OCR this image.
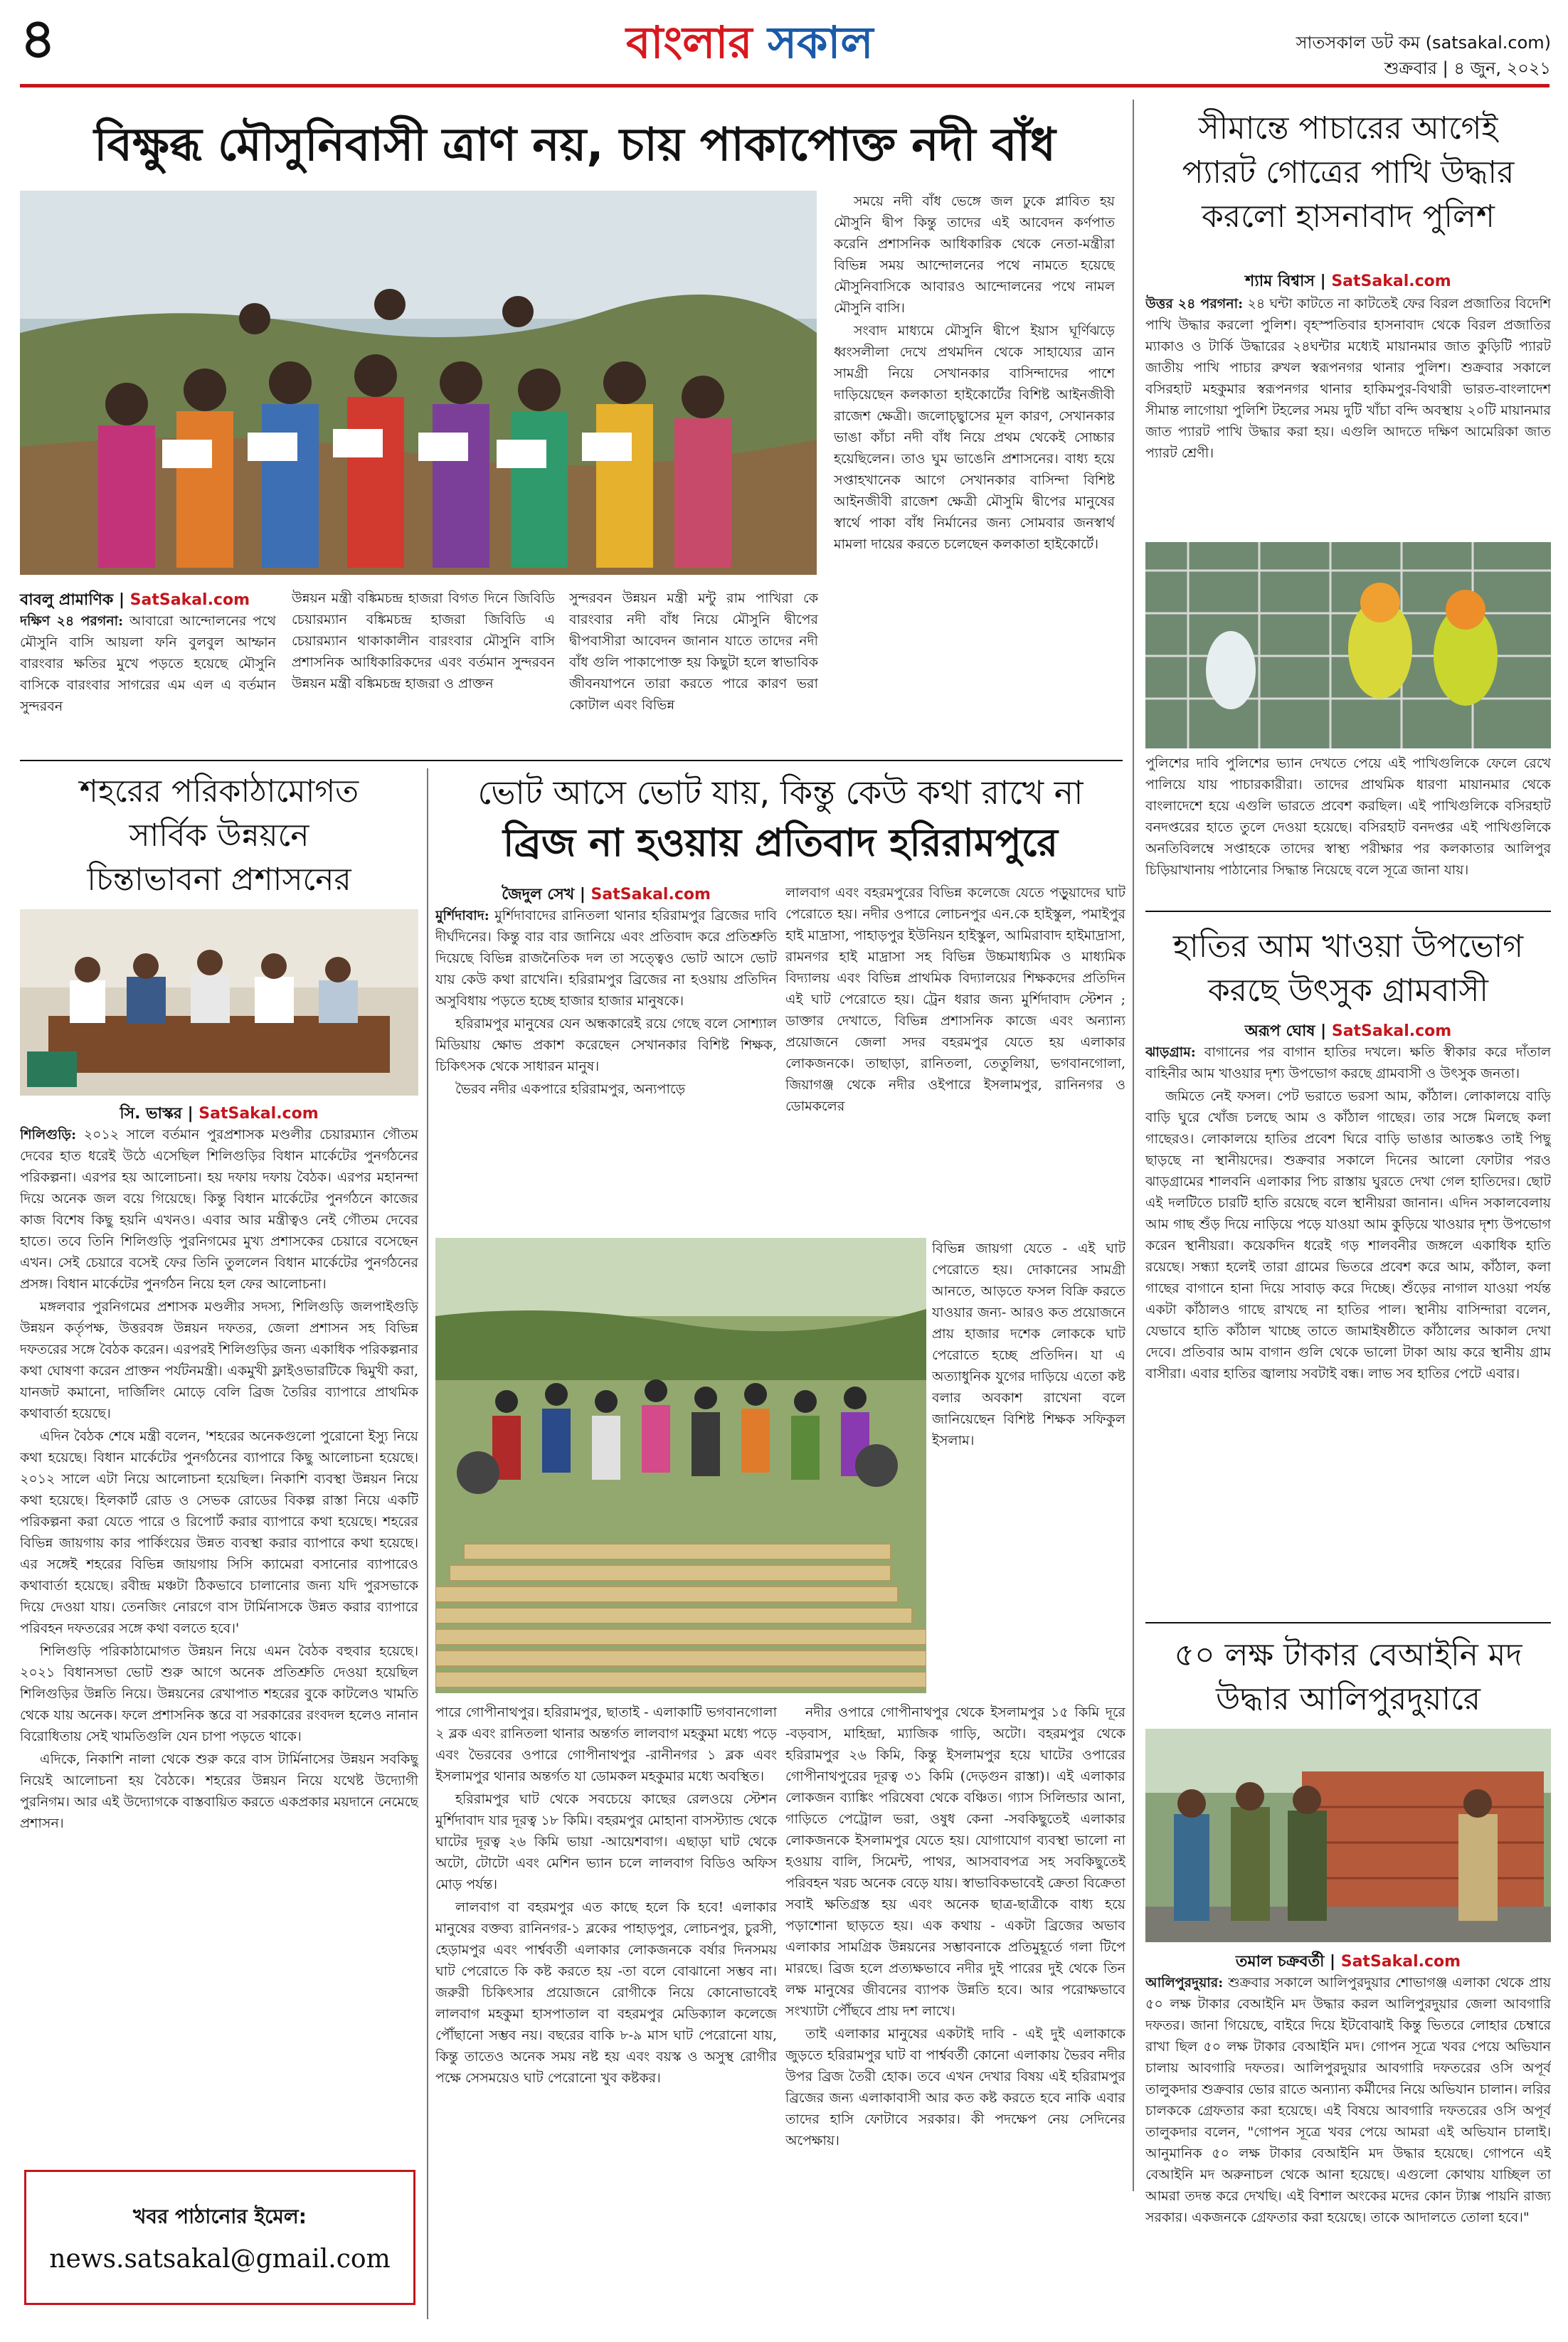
৪	বাংলার সকাল	সাতসকাল ডট কম (satsakal.com)
শুক্রবার | ৪ জুন, ২০২১
বিক্ষুব্ধ মৌসুনিবাসী ত্রাণ নয়, চায় পাকাপোক্ত নদী বাঁধ
বাবলু প্রামাণিক | SatSakal.com
দক্ষিণ ২৪ পরগনা: আবারো আন্দোলনের পথে মৌসুনি বাসি আয়লা ফনি বুলবুল আম্ফান বারংবার ক্ষতির মুখে পড়তে হয়েছে মৌসুনি বাসিকে বারংবার সাগরের এম এল এ বর্তমান সুন্দরবন
উন্নয়ন মন্ত্রী বঙ্কিমচন্দ্র হাজরা বিগত দিনে জিবিডি চেয়ারম্যান বঙ্কিমচন্দ্র হাজরা জিবিডি এ চেয়ারম্যান থাকাকালীন বারংবার মৌসুনি বাসি প্রশাসনিক আধিকারিকদের এবং বর্তমান সুন্দরবন উন্নয়ন মন্ত্রী বঙ্কিমচন্দ্র হাজরা ও প্রাক্তন
সুন্দরবন উন্নয়ন মন্ত্রী মন্টু রাম পাখিরা কে বারংবার নদী বাঁধ নিয়ে মৌসুনি দ্বীপের দ্বীপবাসীরা আবেদন জানান যাতে তাদের নদী বাঁধ গুলি পাকাপোক্ত হয় কিছুটা হলে স্বাভাবিক জীবনযাপনে তারা করতে পারে কারণ ভরা কোটাল এবং বিভিন্ন

সময়ে নদী বাঁধ ভেঙ্গে জল ঢুকে প্লাবিত হয় মৌসুনি দ্বীপ কিন্তু তাদের এই আবেদন কর্ণপাত করেনি প্রশাসনিক আধিকারিক থেকে নেতা-মন্ত্রীরা বিভিন্ন সময় আন্দোলনের পথে নামতে হয়েছে মৌসুনিবাসিকে আবারও আন্দোলনের পথে নামল মৌসুনি বাসি।

সংবাদ মাধ্যমে মৌসুনি দ্বীপে ইয়াস ঘূর্ণিঝড়ে ধ্বংসলীলা দেখে প্রথমদিন থেকে সাহায্যের ত্রান সামগ্রী নিয়ে সেখানকার বাসিন্দাদের পাশে দাড়িয়েছেন কলকাতা হাইকোর্টের বিশিষ্ট আইনজীবী রাজেশ ক্ষেত্রী। জলোচ্ছ্বাসের মূল কারণ, সেখানকার ভাঙা কাঁচা নদী বাঁধ নিয়ে প্রথম থেকেই সোচ্চার হয়েছিলেন। তাও ঘুম ভাঙেনি প্রশাসনের। বাধ্য হয়ে সপ্তাহখানেক আগে সেখানকার বাসিন্দা বিশিষ্ট আইনজীবী রাজেশ ক্ষেত্রী মৌসুমি দ্বীপের মানুষের স্বার্থে পাকা বাঁধ নির্মানের জন্য সোমবার জনস্বার্থ মামলা দায়ের করতে চলেছেন কলকাতা হাইকোর্টে।

সীমান্তে পাচারের আগেই
প্যারট গোত্রের পাখি উদ্ধার
করলো হাসনাবাদ পুলিশ
শ্যাম বিশ্বাস | SatSakal.com
উত্তর ২৪ পরগনা: ২৪ ঘন্টা কাটতে না কাটতেই ফের বিরল প্রজাতির বিদেশি পাখি উদ্ধার করলো পুলিশ। বৃহস্পতিবার হাসনাবাদ থেকে বিরল প্রজাতির ম্যাকাও ও টার্কি উদ্ধারের ২৪ঘন্টার মধ্যেই মায়ানমার জাত কুড়িটি প্যারট জাতীয় পাখি পাচার রুখল স্বরূপনগর থানার পুলিশ। শুক্রবার সকালে বসিরহাট মহকুমার স্বরূপনগর থানার হাকিমপুর-বিথারী ভারত-বাংলাদেশ সীমান্ত লাগোয়া পুলিশি টহলের সময় দুটি খাঁচা বন্দি অবস্থায় ২০টি মায়ানমার জাত প্যারট পাখি উদ্ধার করা হয়। এগুলি আদতে দক্ষিণ আমেরিকা জাত প্যারট শ্রেণী।
পুলিশের দাবি পুলিশের ভ্যান দেখতে পেয়ে এই পাখিগুলিকে ফেলে রেখে পালিয়ে যায় পাচারকারীরা। তাদের প্রাথমিক ধারণা মায়ানমার থেকে বাংলাদেশে হয়ে এগুলি ভারতে প্রবেশ করছিল। এই পাখিগুলিকে বসিরহাট বনদপ্তরের হাতে তুলে দেওয়া হয়েছে। বসিরহাট বনদপ্তর এই পাখিগুলিকে অনতিবিলম্বে সপ্তাহকে তাদের স্বাস্থ্য পরীক্ষার পর কলকাতার আলিপুর চিড়িয়াখানায় পাঠানোর সিদ্ধান্ত নিয়েছে বলে সূত্রে জানা যায়।
হাতির আম খাওয়া উপভোগ
করছে উৎসুক গ্রামবাসী
অরূপ ঘোষ | SatSakal.com

ঝাড়গ্রাম: বাগানের পর বাগান হাতির দখলে। ক্ষতি স্বীকার করে দাঁতাল বাহিনীর আম খাওয়ার দৃশ্য উপভোগ করছে গ্রামবাসী ও উৎসুক জনতা।

জমিতে নেই ফসল। পেট ভরাতে ভরসা আম, কাঁঠাল। লোকালয়ে বাড়ি বাড়ি ঘুরে খোঁজ চলছে আম ও কাঁঠাল গাছের। তার সঙ্গে মিলছে কলা গাছেরও। লোকালয়ে হাতির প্রবেশ ঘিরে বাড়ি ভাঙার আতঙ্কও তাই পিছু ছাড়ছে না স্থানীয়দের। শুক্রবার সকালে দিনের আলো ফোটার পরও ঝাড়গ্রামের শালবনি এলাকার পিচ রাস্তায় ঘুরতে দেখা গেল হাতিদের। ছোট এই দলটিতে চারটি হাতি রয়েছে বলে স্থানীয়রা জানান। এদিন সকালবেলায় আম গাছ শুঁড় দিয়ে নাড়িয়ে পড়ে যাওয়া আম কুড়িয়ে খাওয়ার দৃশ্য উপভোগ করেন স্থানীয়রা। কয়েকদিন ধরেই গড় শালবনীর জঙ্গলে একাধিক হাতি রয়েছে। সন্ধ্যা হলেই তারা গ্রামের ভিতরে প্রবেশ করে আম, কাঁঠাল, কলা গাছের বাগানে হানা দিয়ে সাবাড় করে দিচ্ছে। শুঁড়ের নাগাল যাওয়া পর্যন্ত একটা কাঁঠালও গাছে রাখছে না হাতির পাল। স্থানীয় বাসিন্দারা বলেন, যেভাবে হাতি কাঁঠাল খাচ্ছে তাতে জামাইষষ্ঠীতে কাঁঠালের আকাল দেখা দেবে। প্রতিবার আম বাগান গুলি থেকে ভালো টাকা আয় করে স্থানীয় গ্রাম বাসীরা। এবার হাতির জ্বালায় সবটাই বন্ধ। লাভ সব হাতির পেটে এবার।

৫০ লক্ষ টাকার বেআইনি মদ
উদ্ধার আলিপুরদুয়ারে
তমাল চক্রবর্তী | SatSakal.com
আলিপুরদুয়ার: শুক্রবার সকালে আলিপুরদুয়ার শোভাগঞ্জ এলাকা থেকে প্রায় ৫০ লক্ষ টাকার বেআইনি মদ উদ্ধার করল আলিপুরদুয়ার জেলা আবগারি দফতর। জানা গিয়েছে, বাইরে দিয়ে ইটবোঝাই কিন্তু ভিতরে লোহার চেম্বারে রাখা ছিল ৫০ লক্ষ টাকার বেআইনি মদ। গোপন সূত্রে খবর পেয়ে অভিযান চালায় আবগারি দফতর। আলিপুরদুয়ার আবগারি দফতরের ওসি অপূর্ব তালুকদার শুক্রবার ভোর রাতে অন্যান্য কর্মীদের নিয়ে অভিযান চালান। লরির চালককে গ্রেফতার করা হয়েছে। এই বিষয়ে আবগারি দফতরের ওসি অপূর্ব তালুকদার বলেন, "গোপন সূত্রে খবর পেয়ে আমরা এই অভিযান চালাই। আনুমানিক ৫০ লক্ষ টাকার বেআইনি মদ উদ্ধার হয়েছে। গোপনে এই বেআইনি মদ অরুনাচল থেকে আনা হয়েছে। এগুলো কোথায় যাচ্ছিল তা আমরা তদন্ত করে দেখছি। এই বিশাল অংকের মদের কোন ট্যাক্স পায়নি রাজ্য সরকার। একজনকে গ্রেফতার করা হয়েছে। তাকে আদালতে তোলা হবে।"
শহরের পরিকাঠামোগত
সার্বিক উন্নয়নে
চিন্তাভাবনা প্রশাসনের
সি. ভাস্কর | SatSakal.com

শিলিগুড়ি: ২০১২ সালে বর্তমান পুরপ্রশাসক মণ্ডলীর চেয়ারম্যান গৌতম দেবের হাত ধরেই উঠে এসেছিল শিলিগুড়ির বিধান মার্কেটের পুনর্গঠনের পরিকল্পনা। এরপর হয় আলোচনা। হয় দফায় দফায় বৈঠক। এরপর মহানন্দা দিয়ে অনেক জল বয়ে গিয়েছে। কিন্তু বিধান মার্কেটের পুনর্গঠনে কাজের কাজ বিশেষ কিছু হয়নি এখনও। এবার আর মন্ত্রীত্বও নেই গৌতম দেবের হাতে। তবে তিনি শিলিগুড়ি পুরনিগমের মুখ্য প্রশাসকের চেয়ারে বসেছেন এখন। সেই চেয়ারে বসেই ফের তিনি তুললেন বিধান মার্কেটের পুনর্গঠনের প্রসঙ্গ। বিধান মার্কেটের পুনর্গঠন নিয়ে হল ফের আলোচনা।

মঙ্গলবার পুরনিগমের প্রশাসক মণ্ডলীর সদস্য, শিলিগুড়ি জলপাইগুড়ি উন্নয়ন কর্তৃপক্ষ, উত্তরবঙ্গ উন্নয়ন দফতর, জেলা প্রশাসন সহ বিভিন্ন দফতরের সঙ্গে বৈঠক করেন। এরপরই শিলিগুড়ির জন্য একাধিক পরিকল্পনার কথা ঘোষণা করেন প্রাক্তন পর্যটনমন্ত্রী। একমুখী ফ্লাইওভারটিকে দ্বিমুখী করা, যানজট কমানো, দার্জিলিং মোড়ে বেলি ব্রিজ তৈরির ব্যাপারে প্রাথমিক কথাবার্তা হয়েছে।

এদিন বৈঠক শেষে মন্ত্রী বলেন, 'শহরের অনেকগুলো পুরোনো ইস্যু নিয়ে কথা হয়েছে। বিধান মার্কেটের পুনর্গঠনের ব্যাপারে কিছু আলোচনা হয়েছে। ২০১২ সালে এটা নিয়ে আলোচনা হয়েছিল। নিকাশি ব্যবস্থা উন্নয়ন নিয়ে কথা হয়েছে। হিলকার্ট রোড ও সেভক রোডের বিকল্প রাস্তা নিয়ে একটি পরিকল্পনা করা যেতে পারে ও রিপোর্ট করার ব্যাপারে কথা হয়েছে। শহরের বিভিন্ন জায়গায় কার পার্কিংয়ের উন্নত ব্যবস্থা করার ব্যাপারে কথা হয়েছে। এর সঙ্গেই শহরের বিভিন্ন জায়গায় সিসি ক্যামেরা বসানোর ব্যাপারেও কথাবার্তা হয়েছে। রবীন্দ্র মঞ্চটা ঠিকভাবে চালানোর জন্য যদি পুরসভাকে দিয়ে দেওয়া যায়। তেনজিং নোরগে বাস টার্মিনাসকে উন্নত করার ব্যাপারে পরিবহন দফতরের সঙ্গে কথা বলতে হবে।'

শিলিগুড়ি পরিকাঠামোগত উন্নয়ন নিয়ে এমন বৈঠক বহুবার হয়েছে। ২০২১ বিধানসভা ভোট শুরু আগে অনেক প্রতিশ্রুতি দেওয়া হয়েছিল শিলিগুড়ির উন্নতি নিয়ে। উন্নয়নের রেখাপাত শহরের বুকে কাটলেও খামতি থেকে যায় অনেক। ফলে প্রশাসনিক স্তরে বা সরকারের রংবদল হলেও নানান বিরোধিতায় সেই খামতিগুলি যেন চাপা পড়তে থাকে।

এদিকে, নিকাশি নালা থেকে শুরু করে বাস টার্মিনাসের উন্নয়ন সবকিছু নিয়েই আলোচনা হয় বৈঠকে। শহরের উন্নয়ন নিয়ে যথেষ্ট উদ্যোগী পুরনিগম। আর এই উদ্যোগকে বাস্তবায়িত করতে একপ্রকার ময়দানে নেমেছে প্রশাসন।

খবর পাঠানোর ইমেল:
news.satsakal@gmail.com
ভোট আসে ভোট যায়, কিন্তু কেউ কথা রাখে না
ব্রিজ না হওয়ায় প্রতিবাদ হরিরামপুরে
জৈদুল সেখ | SatSakal.com

মুর্শিদাবাদ: মুর্শিদাবাদের রানিতলা থানার হরিরামপুর ব্রিজের দাবি দীর্ঘদিনের। কিন্তু বার বার জানিয়ে এবং প্রতিবাদ করে প্রতিশ্রুতি দিয়েছে বিভিন্ন রাজনৈতিক দল তা সত্ত্বেও ভোট আসে ভোট যায় কেউ কথা রাখেনি। হরিরামপুর ব্রিজের না হওয়ায় প্রতিদিন অসুবিধায় পড়তে হচ্ছে হাজার হাজার মানুষকে।

হরিরামপুর মানুষের যেন অন্ধকারেই রয়ে গেছে বলে সোশ্যাল মিডিয়ায় ক্ষোভ প্রকাশ করেছেন সেখানকার বিশিষ্ট শিক্ষক, চিকিৎসক থেকে সাধারন মানুষ।

ভৈরব নদীর একপারে হরিরামপুর, অন্যপাড়ে

পারে গোপীনাথপুর। হরিরামপুর, ছাতাই - এলাকাটি ভগবানগোলা ২ ব্লক এবং রানিতলা থানার অন্তর্গত লালবাগ মহকুমা মধ্যে পড়ে এবং ভৈরবের ওপারে গোপীনাথপুর -রানীনগর ১ ব্লক এবং ইসলামপুর থানার অন্তর্গত যা ডোমকল মহকুমার মধ্যে অবস্থিত।

হরিরামপুর ঘাট থেকে সবচেয়ে কাছের রেলওয়ে স্টেশন মুর্শিদাবাদ যার দূরত্ব ১৮ কিমি। বহরমপুর মোহানা বাসস্ট্যান্ড থেকে ঘাটের দূরত্ব ২৬ কিমি ভায়া -আয়েশবাগ। এছাড়া ঘাট থেকে অটো, টোটো এবং মেশিন ভ্যান চলে লালবাগ বিডিও অফিস মোড় পর্যন্ত।

লালবাগ বা বহরমপুর এত কাছে হলে কি হবে! এলাকার মানুষের বক্তব্য রানিনগর-১ ব্লকের পাহাড়পুর, লোচনপুর, চুরসী, হেড়ামপুর এবং পার্শ্ববর্তী এলাকার লোকজনকে বর্ষার দিনসময় ঘাট পেরোতে কি কষ্ট করতে হয় -তা বলে বোঝানো সম্ভব না। জরুরী চিকিৎসার প্রয়োজনে রোগীকে নিয়ে কোনোভাবেই লালবাগ মহকুমা হাসপাতাল বা বহরমপুর মেডিক্যাল কলেজে পৌঁছানো সম্ভব নয়। বছরের বাকি ৮-৯ মাস ঘাট পেরোনো যায়, কিন্তু তাতেও অনেক সময় নষ্ট হয় এবং বয়স্ক ও অসুস্থ রোগীর পক্ষে সেসময়েও ঘাট পেরোনো খুব কষ্টকর।

লালবাগ এবং বহরমপুরের বিভিন্ন কলেজে যেতে পড়ুয়াদের ঘাট পেরোতে হয়। নদীর ওপারে লোচনপুর এন.কে হাইস্কুল, পমাইপুর হাই মাদ্রাসা, পাহাড়পুর ইউনিয়ন হাইস্কুল, আমিরাবাদ হাইমাদ্রাসা, রামনগর হাই মাদ্রাসা সহ বিভিন্ন উচ্চমাধ্যমিক ও মাধ্যমিক বিদ্যালয় এবং বিভিন্ন প্রাথমিক বিদ্যালয়ের শিক্ষকদের প্রতিদিন এই ঘাট পেরোতে হয়। ট্রেন ধরার জন্য মুর্শিদাবাদ স্টেশন ; ডাক্তার দেখাতে, বিভিন্ন প্রশাসনিক কাজে এবং অন্যান্য প্রয়োজনে জেলা সদর বহরমপুর যেতে হয় এলাকার লোকজনকে। তাছাড়া, রানিতলা, তেতুলিয়া, ভগবানগোলা, জিয়াগঞ্জ থেকে নদীর ওইপারে ইসলামপুর, রানিনগর ও ডোমকলের
বিভিন্ন জায়গা যেতে - এই ঘাট পেরোতে হয়। দোকানের সামগ্রী আনতে, আড়তে ফসল বিক্রি করতে যাওয়ার জন্য- আরও কত প্রয়োজনে প্রায় হাজার দশেক লোককে ঘাট পেরোতে হচ্ছে প্রতিদিন। যা এ অত্যাধুনিক যুগের দাড়িয়ে এতো কষ্ট বলার অবকাশ রাখেনা বলে জানিয়েছেন বিশিষ্ট শিক্ষক সফিকুল ইসলাম।

নদীর ওপারে গোপীনাথপুর থেকে ইসলামপুর ১৫ কিমি দূরে -বড়বাস, মাহিন্দ্রা, ম্যাজিক গাড়ি, অটো। বহরমপুর থেকে হরিরামপুর ২৬ কিমি, কিন্তু ইসলামপুর হয়ে ঘাটের ওপারের গোপীনাথপুরের দূরত্ব ৩১ কিমি (দেড়গুন রাস্তা)। এই এলাকার লোকজন ব্যাঙ্কিং পরিষেবা থেকে বঞ্চিত। গ্যাস সিলিন্ডার আনা, গাড়িতে পেট্রোল ভরা, ওষুধ কেনা -সবকিছুতেই এলাকার লোকজনকে ইসলামপুর যেতে হয়। যোগাযোগ ব্যবস্থা ভালো না হওয়ায় বালি, সিমেন্ট, পাথর, আসবাবপত্র সহ সবকিছুতেই পরিবহন খরচ অনেক বেড়ে যায়। স্বাভাবিকভাবেই ক্রেতা বিক্রেতা সবাই ক্ষতিগ্রস্ত হয় এবং অনেক ছাত্র-ছাত্রীকে বাধ্য হয়ে পড়াশোনা ছাড়তে হয়। এক কথায় - একটা ব্রিজের অভাব এলাকার সামগ্রিক উন্নয়নের সম্ভাবনাকে প্রতিমুহূর্তে গলা টিপে মারছে। ব্রিজ হলে প্রত্যক্ষভাবে নদীর দুই পারের দুই থেকে তিন লক্ষ মানুষের জীবনের ব্যাপক উন্নতি হবে। আর পরোক্ষভাবে সংখ্যাটা পৌঁছবে প্রায় দশ লাখে।

তাই এলাকার মানুষের একটাই দাবি - এই দুই এলাকাকে জুড়তে হরিরামপুর ঘাট বা পার্শ্ববর্তী কোনো এলাকায় ভৈরব নদীর উপর ব্রিজ তৈরী হোক। তবে এখন দেখার বিষয় এই হরিরামপুর ব্রিজের জন্য এলাকাবাসী আর কত কষ্ট করতে হবে নাকি এবার তাদের হাসি ফোটাবে সরকার। কী পদক্ষেপ নেয় সেদিনের অপেক্ষায়।
